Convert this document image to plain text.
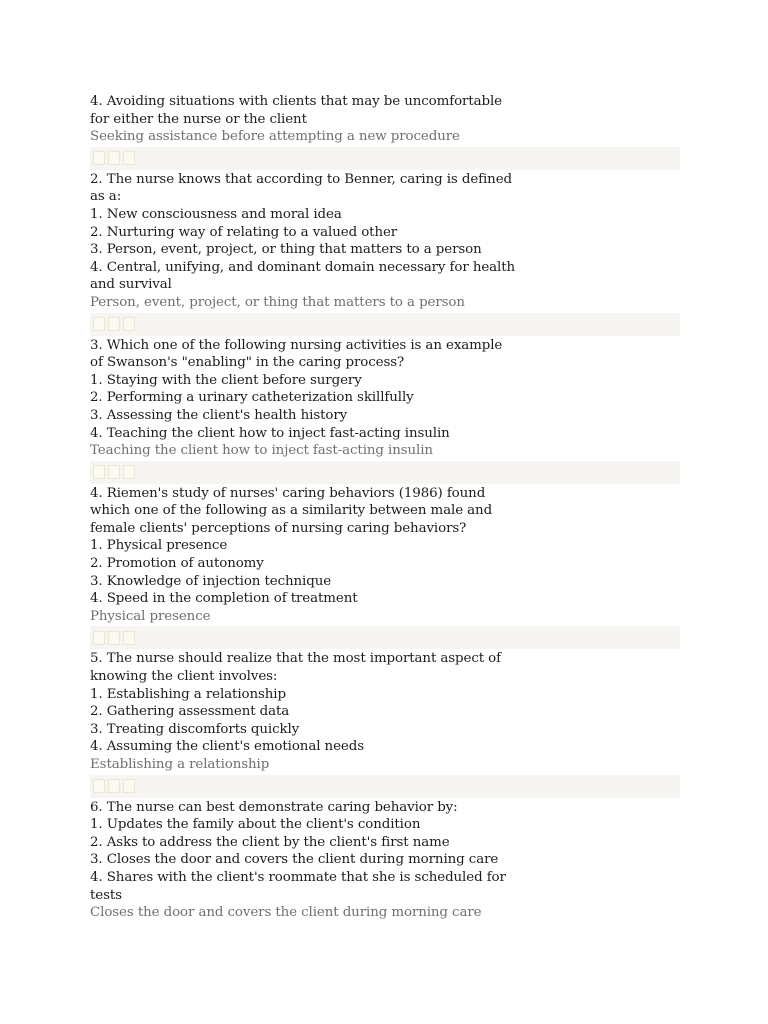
4. Avoiding situations with clients that may be uncomfortable
for either the nurse or the client
Seeking assistance before attempting a new procedure
2. The nurse knows that according to Benner, caring is defined
as a:
1. New consciousness and moral idea
2. Nurturing way of relating to a valued other
3. Person, event, project, or thing that matters to a person
4. Central, unifying, and dominant domain necessary for health
and survival
Person, event, project, or thing that matters to a person
3. Which one of the following nursing activities is an example
of Swanson's "enabling" in the caring process?
1. Staying with the client before surgery
2. Performing a urinary catheterization skillfully
3. Assessing the client's health history
4. Teaching the client how to inject fast-acting insulin
Teaching the client how to inject fast-acting insulin
4. Riemen's study of nurses' caring behaviors (1986) found
which one of the following as a similarity between male and
female clients' perceptions of nursing caring behaviors?
1. Physical presence
2. Promotion of autonomy
3. Knowledge of injection technique
4. Speed in the completion of treatment
Physical presence
5. The nurse should realize that the most important aspect of
knowing the client involves:
1. Establishing a relationship
2. Gathering assessment data
3. Treating discomforts quickly
4. Assuming the client's emotional needs
Establishing a relationship
6. The nurse can best demonstrate caring behavior by:
1. Updates the family about the client's condition
2. Asks to address the client by the client's first name
3. Closes the door and covers the client during morning care
4. Shares with the client's roommate that she is scheduled for
tests
Closes the door and covers the client during morning care
